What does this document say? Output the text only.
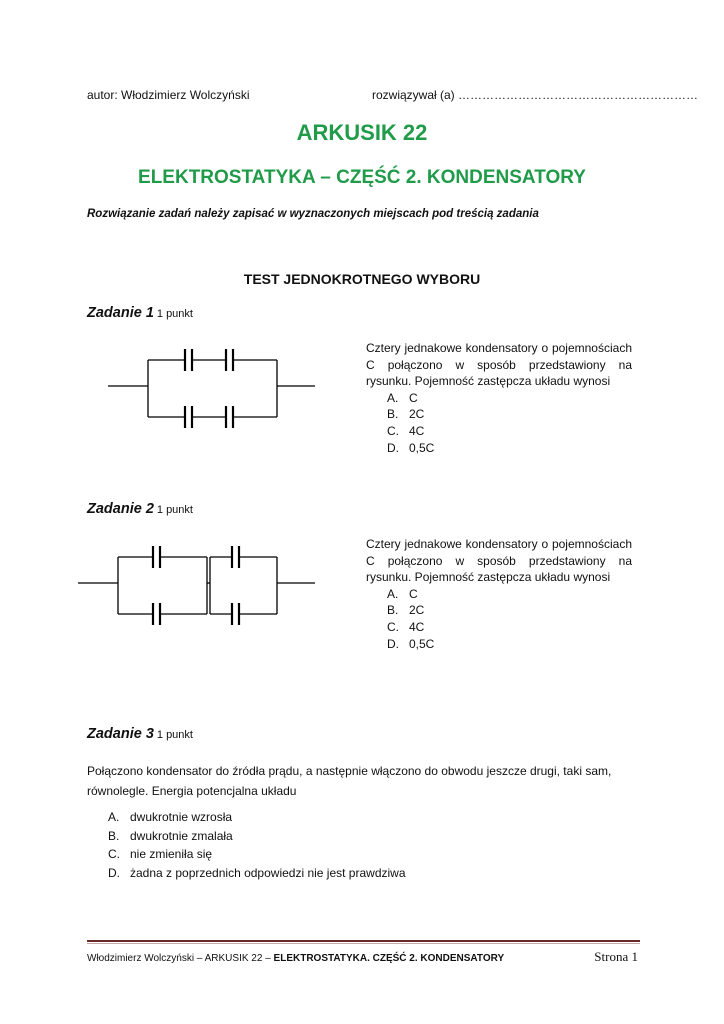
autor: Włodzimierz Wolczyński	rozwiązywał (a) ……………………………………………………
ARKUSIK 22
ELEKTROSTATYKA – CZĘŚĆ 2. KONDENSATORY
Rozwiązanie zadań należy zapisać w wyznaczonych miejscach pod treścią zadania
TEST JEDNOKROTNEGO WYBORU
Zadanie 1 1 punkt

Cztery jednakowe kondensatory o pojemnościach C połączono w sposób przedstawiony na rysunku. Pojemność zastępcza układu wynosi

A. C
B. 2C
C. 4C
D. 0,5C
Zadanie 2 1 punkt

Cztery jednakowe kondensatory o pojemnościach C połączono w sposób przedstawiony na rysunku. Pojemność zastępcza układu wynosi

A. C
B. 2C
C. 4C
D. 0,5C
Zadanie 3 1 punkt
Połączono kondensator do źródła prądu, a następnie włączono do obwodu jeszcze drugi, taki sam, równolegle. Energia potencjalna układu
A. dwukrotnie wzrosła
B. dwukrotnie zmalała
C. nie zmieniła się
D. żadna z poprzednich odpowiedzi nie jest prawdziwa
Włodzimierz Wolczyński – ARKUSIK 22 – ELEKTROSTATYKA. CZĘŚĆ 2. KONDENSATORY	Strona 1
